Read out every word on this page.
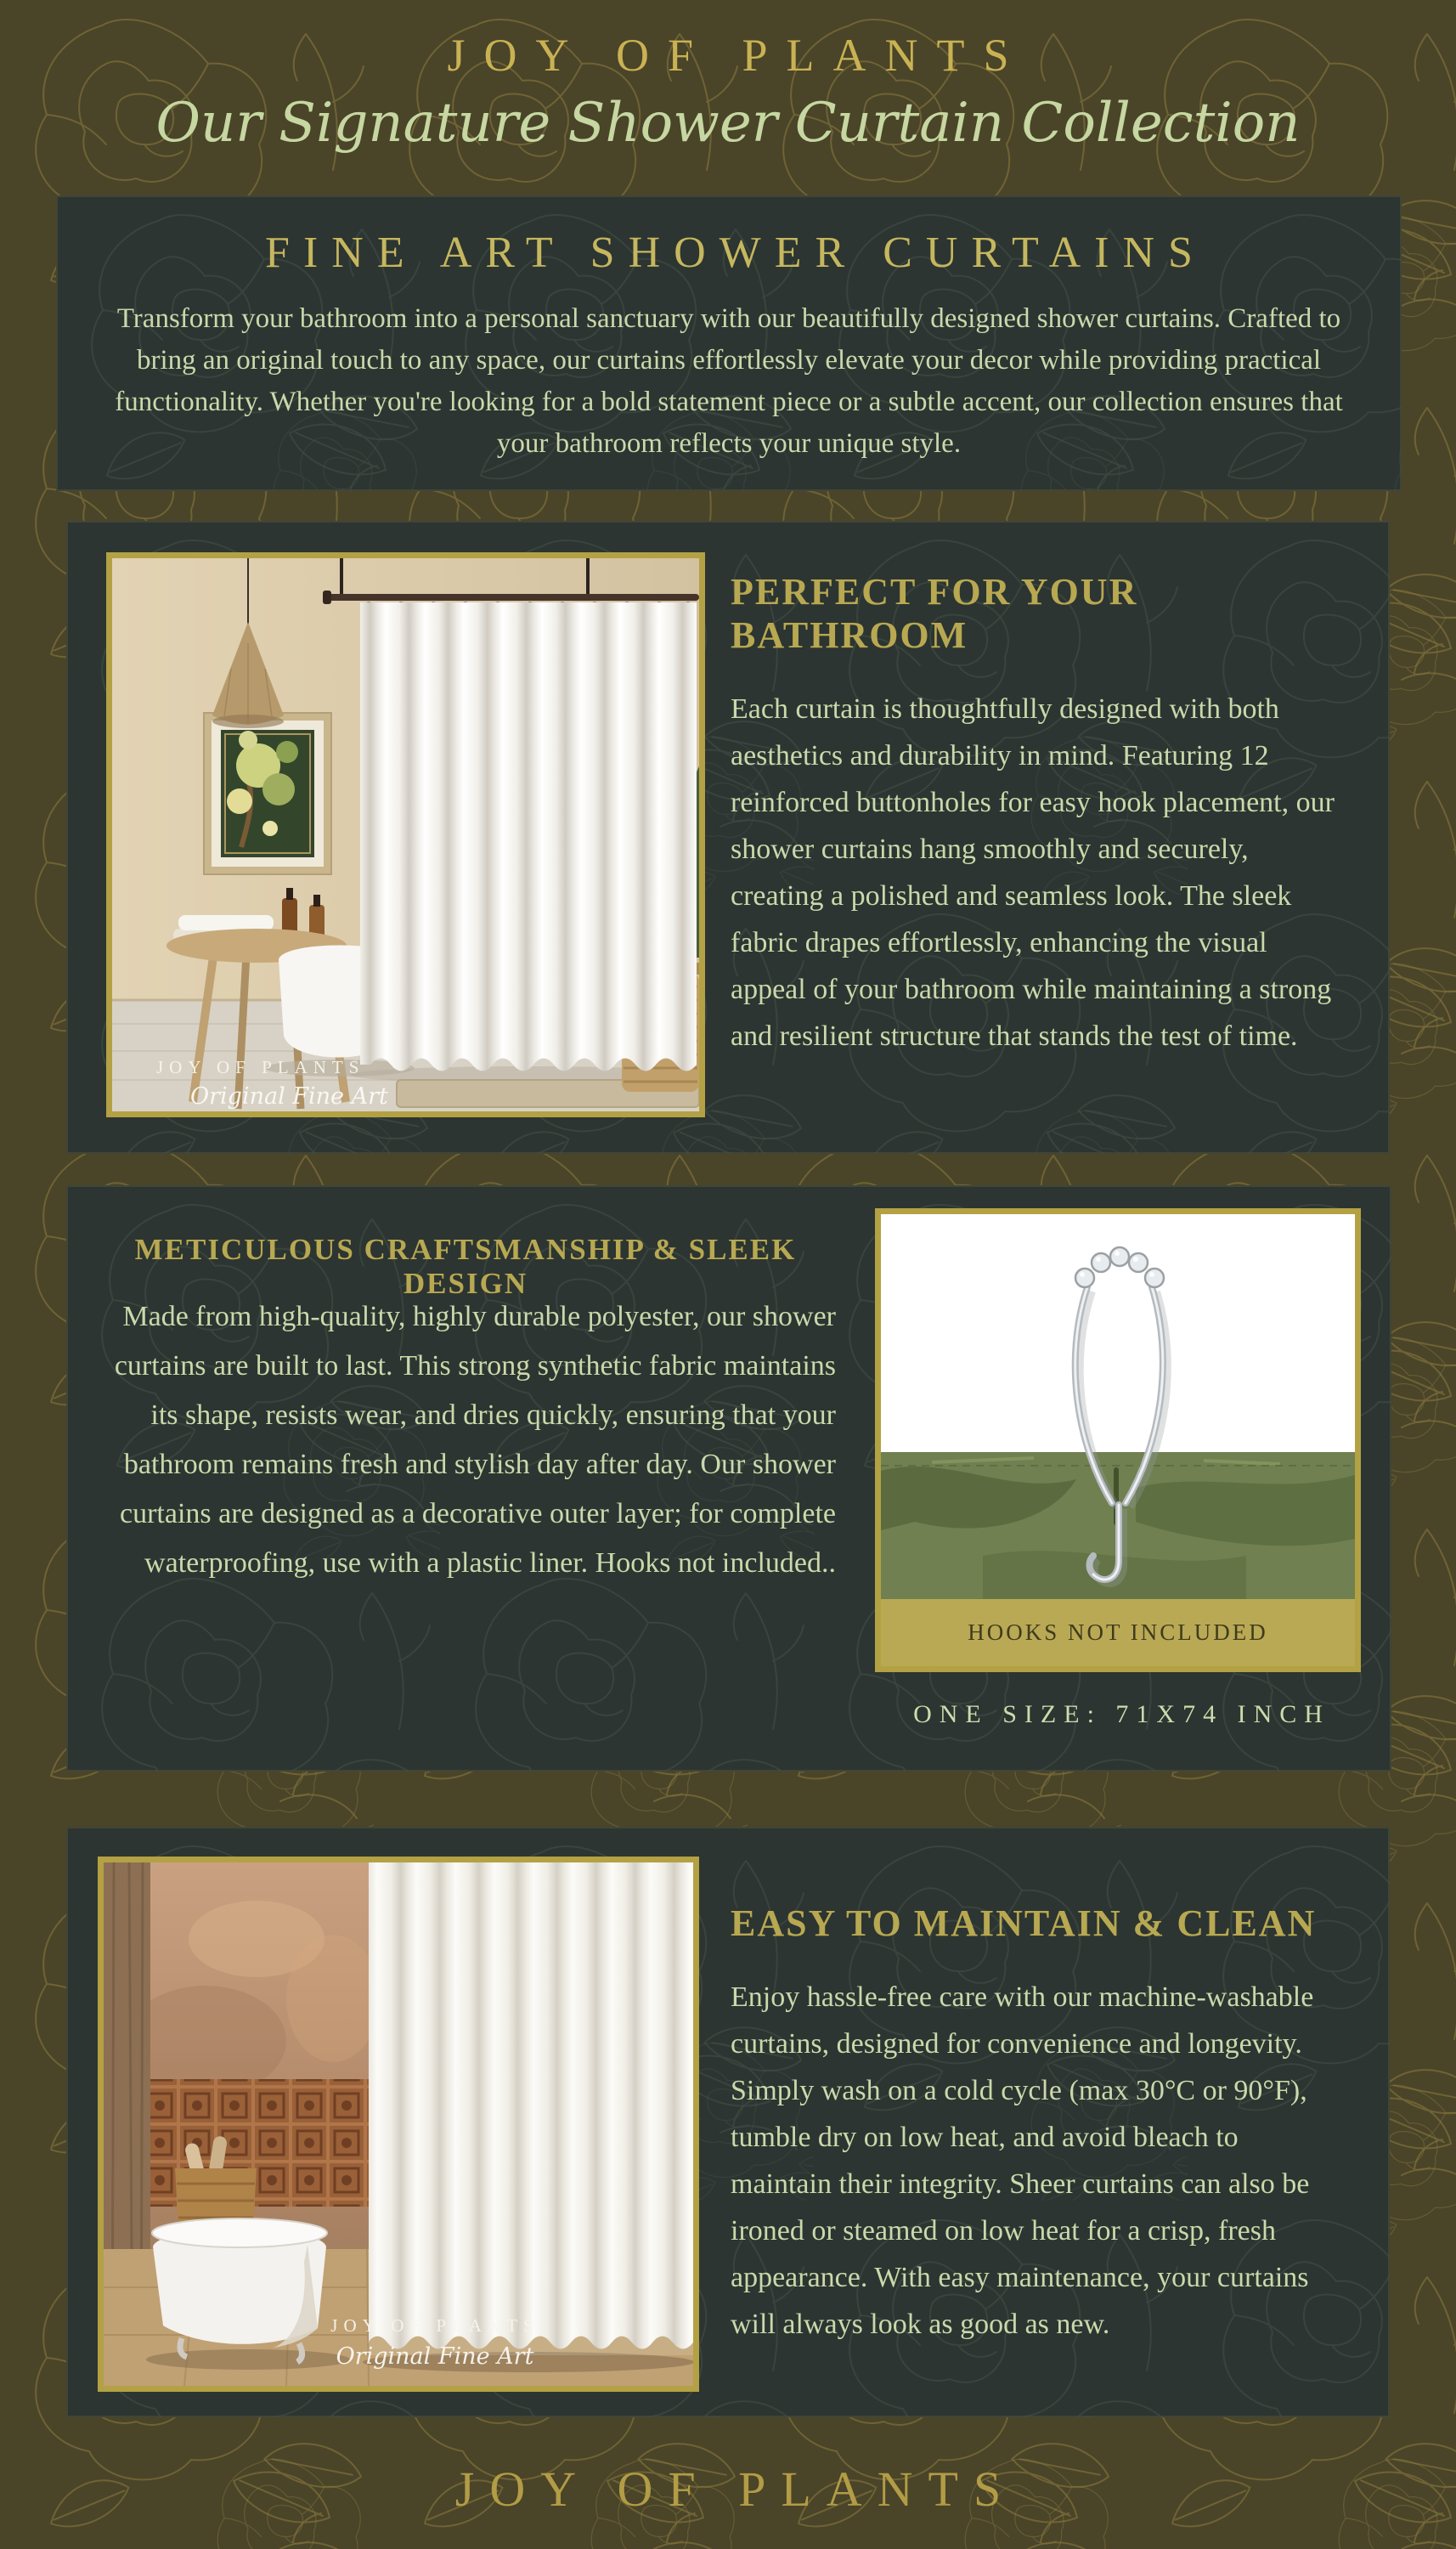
JOY OF PLANTS
Our Signature Shower Curtain Collection
FINE ART SHOWER CURTAINS
Transform your bathroom into a personal sanctuary with our beautifully designed shower curtains. Crafted to bring an original touch to any space, our curtains effortlessly elevate your decor while providing practical functionality. Whether you're looking for a bold statement piece or a subtle accent, our collection ensures that your bathroom reflects your unique style.
JOY OF PLANTS
Original Fine Art
PERFECT FOR YOUR BATHROOM
Each curtain is thoughtfully designed with both aesthetics and durability in mind. Featuring 12 reinforced buttonholes for easy hook placement, our shower curtains hang smoothly and securely, creating a polished and seamless look. The sleek fabric drapes effortlessly, enhancing the visual appeal of your bathroom while maintaining a strong and resilient structure that stands the test of time.
METICULOUS CRAFTSMANSHIP & SLEEK DESIGN
Made from high-quality, highly durable polyester, our shower curtains are built to last. This strong synthetic fabric maintains its shape, resists wear, and dries quickly, ensuring that your bathroom remains fresh and stylish day after day. Our shower curtains are designed as a decorative outer layer; for complete waterproofing, use with a plastic liner. Hooks not included..
HOOKS NOT INCLUDED
ONE SIZE: 71X74 INCH
JOY OF PLANTS
Original Fine Art
EASY TO MAINTAIN & CLEAN
Enjoy hassle-free care with our machine-washable curtains, designed for convenience and longevity. Simply wash on a cold cycle (max 30°C or 90°F), tumble dry on low heat, and avoid bleach to maintain their integrity. Sheer curtains can also be ironed or steamed on low heat for a crisp, fresh appearance. With easy maintenance, your curtains will always look as good as new.
JOY OF PLANTS
